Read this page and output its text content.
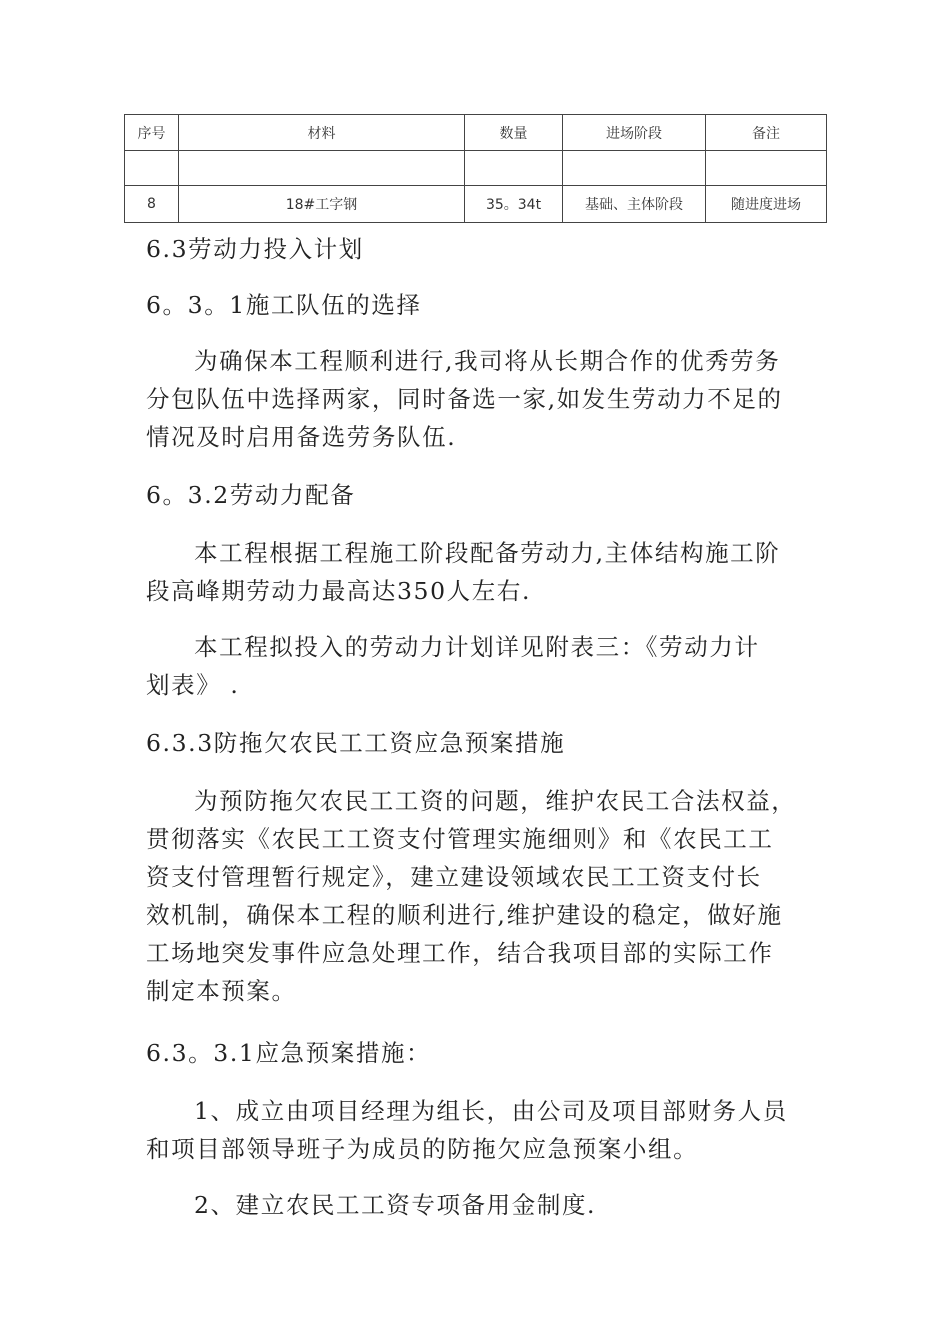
序号	材料	数量	进场阶段	备注

8	18#工字钢	35。34t	基础、主体阶段	随进度进场
6.3劳动力投入计划
6。3。1施工队伍的选择
为确保本工程顺利进行,我司将从长期合作的优秀劳务
分包队伍中选择两家，同时备选一家,如发生劳动力不足的
情况及时启用备选劳务队伍.
6。3.2劳动力配备
本工程根据工程施工阶段配备劳动力,主体结构施工阶
段高峰期劳动力最高达350人左右.
本工程拟投入的劳动力计划详见附表三：《劳动力计
划表》 .
6.3.3防拖欠农民工工资应急预案措施
为预防拖欠农民工工资的问题，维护农民工合法权益，
贯彻落实《农民工工资支付管理实施细则》和《农民工工
资支付管理暂行规定》，建立建设领域农民工工资支付长
效机制，确保本工程的顺利进行,维护建设的稳定，做好施
工场地突发事件应急处理工作，结合我项目部的实际工作
制定本预案。
6.3。3.1应急预案措施：
1、成立由项目经理为组长，由公司及项目部财务人员
和项目部领导班子为成员的防拖欠应急预案小组。
2、建立农民工工资专项备用金制度.
